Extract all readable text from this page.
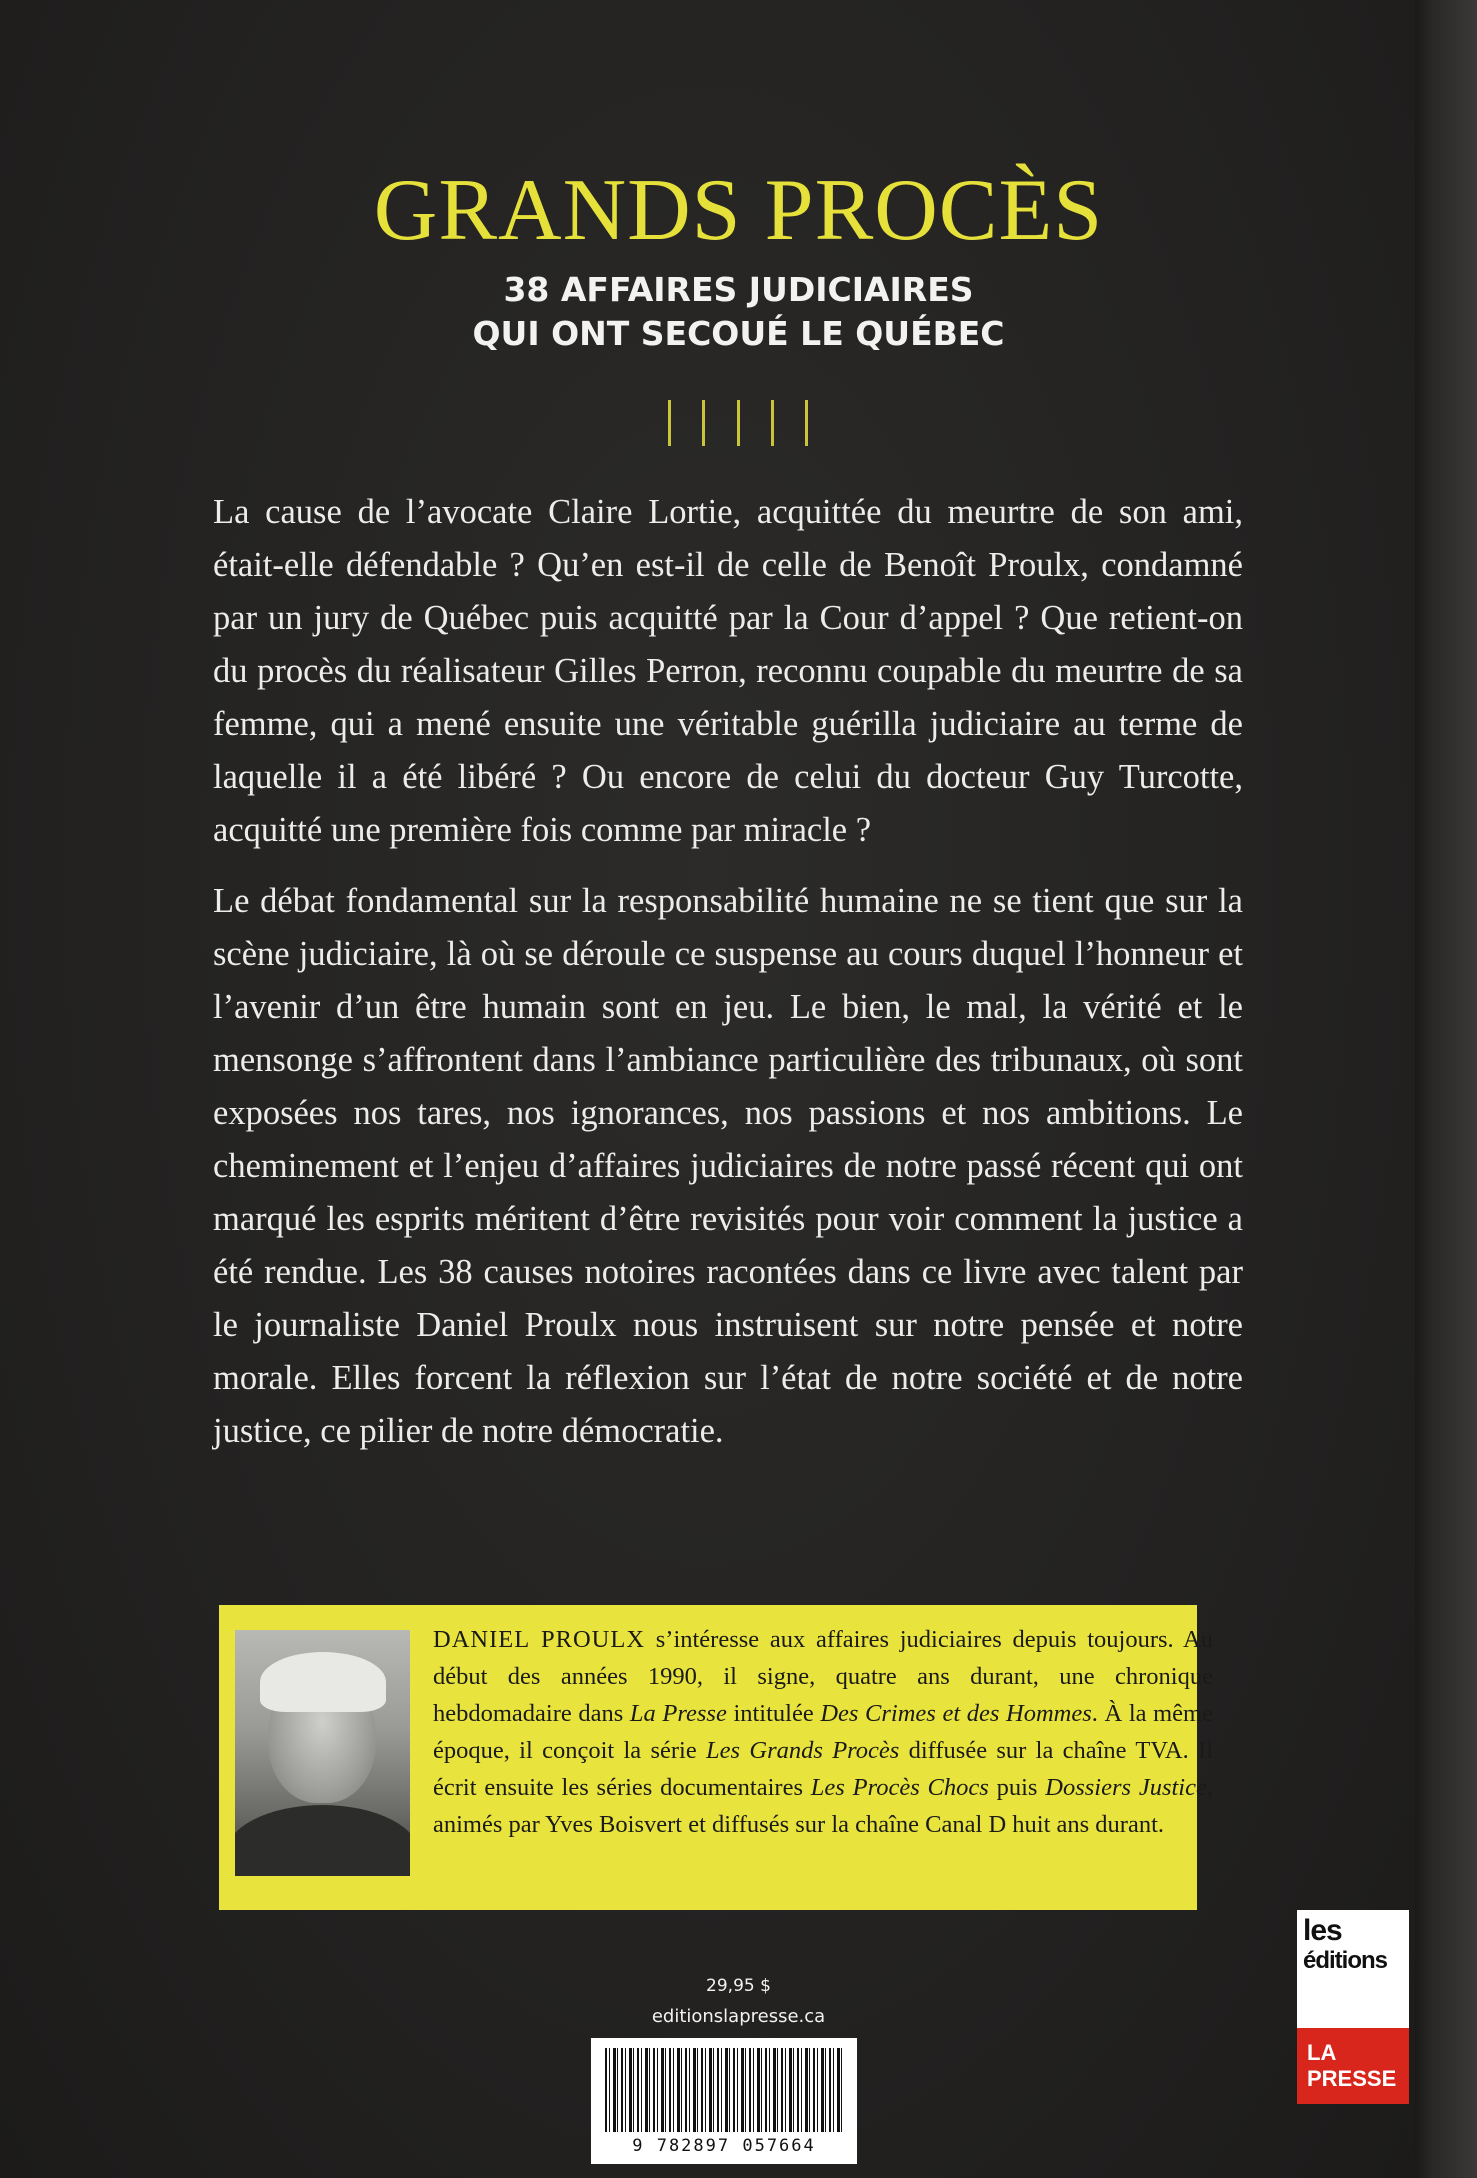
GRANDS PROCÈS
38 AFFAIRES JUDICIAIRES
QUI ONT SECOUÉ LE QUÉBEC

La cause de l’avocate Claire Lortie, acquittée du meurtre de son ami, était-elle défendable ? Qu’en est-il de celle de Benoît Proulx, condamné par un jury de Québec puis acquitté par la Cour d’appel ? Que retient-on du procès du réalisateur Gilles Perron, reconnu coupable du meurtre de sa femme, qui a mené ensuite une véritable guérilla judiciaire au terme de laquelle il a été libéré ? Ou encore de celui du docteur Guy Turcotte, acquitté une première fois comme par miracle ?

Le débat fondamental sur la responsabilité humaine ne se tient que sur la scène judiciaire, là où se déroule ce suspense au cours duquel l’honneur et l’avenir d’un être humain sont en jeu. Le bien, le mal, la vérité et le mensonge s’affrontent dans l’ambiance particulière des tribunaux, où sont exposées nos tares, nos ignorances, nos passions et nos ambitions. Le cheminement et l’enjeu d’affaires judiciaires de notre passé récent qui ont marqué les esprits méritent d’être revisités pour voir comment la justice a été rendue. Les 38 causes notoires racontées dans ce livre avec talent par le journaliste Daniel Proulx nous instruisent sur notre pensée et notre morale. Elles forcent la réflexion sur l’état de notre société et de notre justice, ce pilier de notre démocratie.

DANIEL PROULX s’intéresse aux affaires judiciaires depuis toujours. Au début des années 1990, il signe, quatre ans durant, une chronique hebdomadaire dans La Presse intitulée Des Crimes et des Hommes. À la même époque, il conçoit la série Les Grands Procès diffusée sur la chaîne TVA. Il écrit ensuite les séries documentaires Les Procès Chocs puis Dossiers Justice, animés par Yves Boisvert et diffusés sur la chaîne Canal D huit ans durant.
29,95 $
editionslapresse.ca
9 782897 057664
les
éditions
LA
PRESSE
